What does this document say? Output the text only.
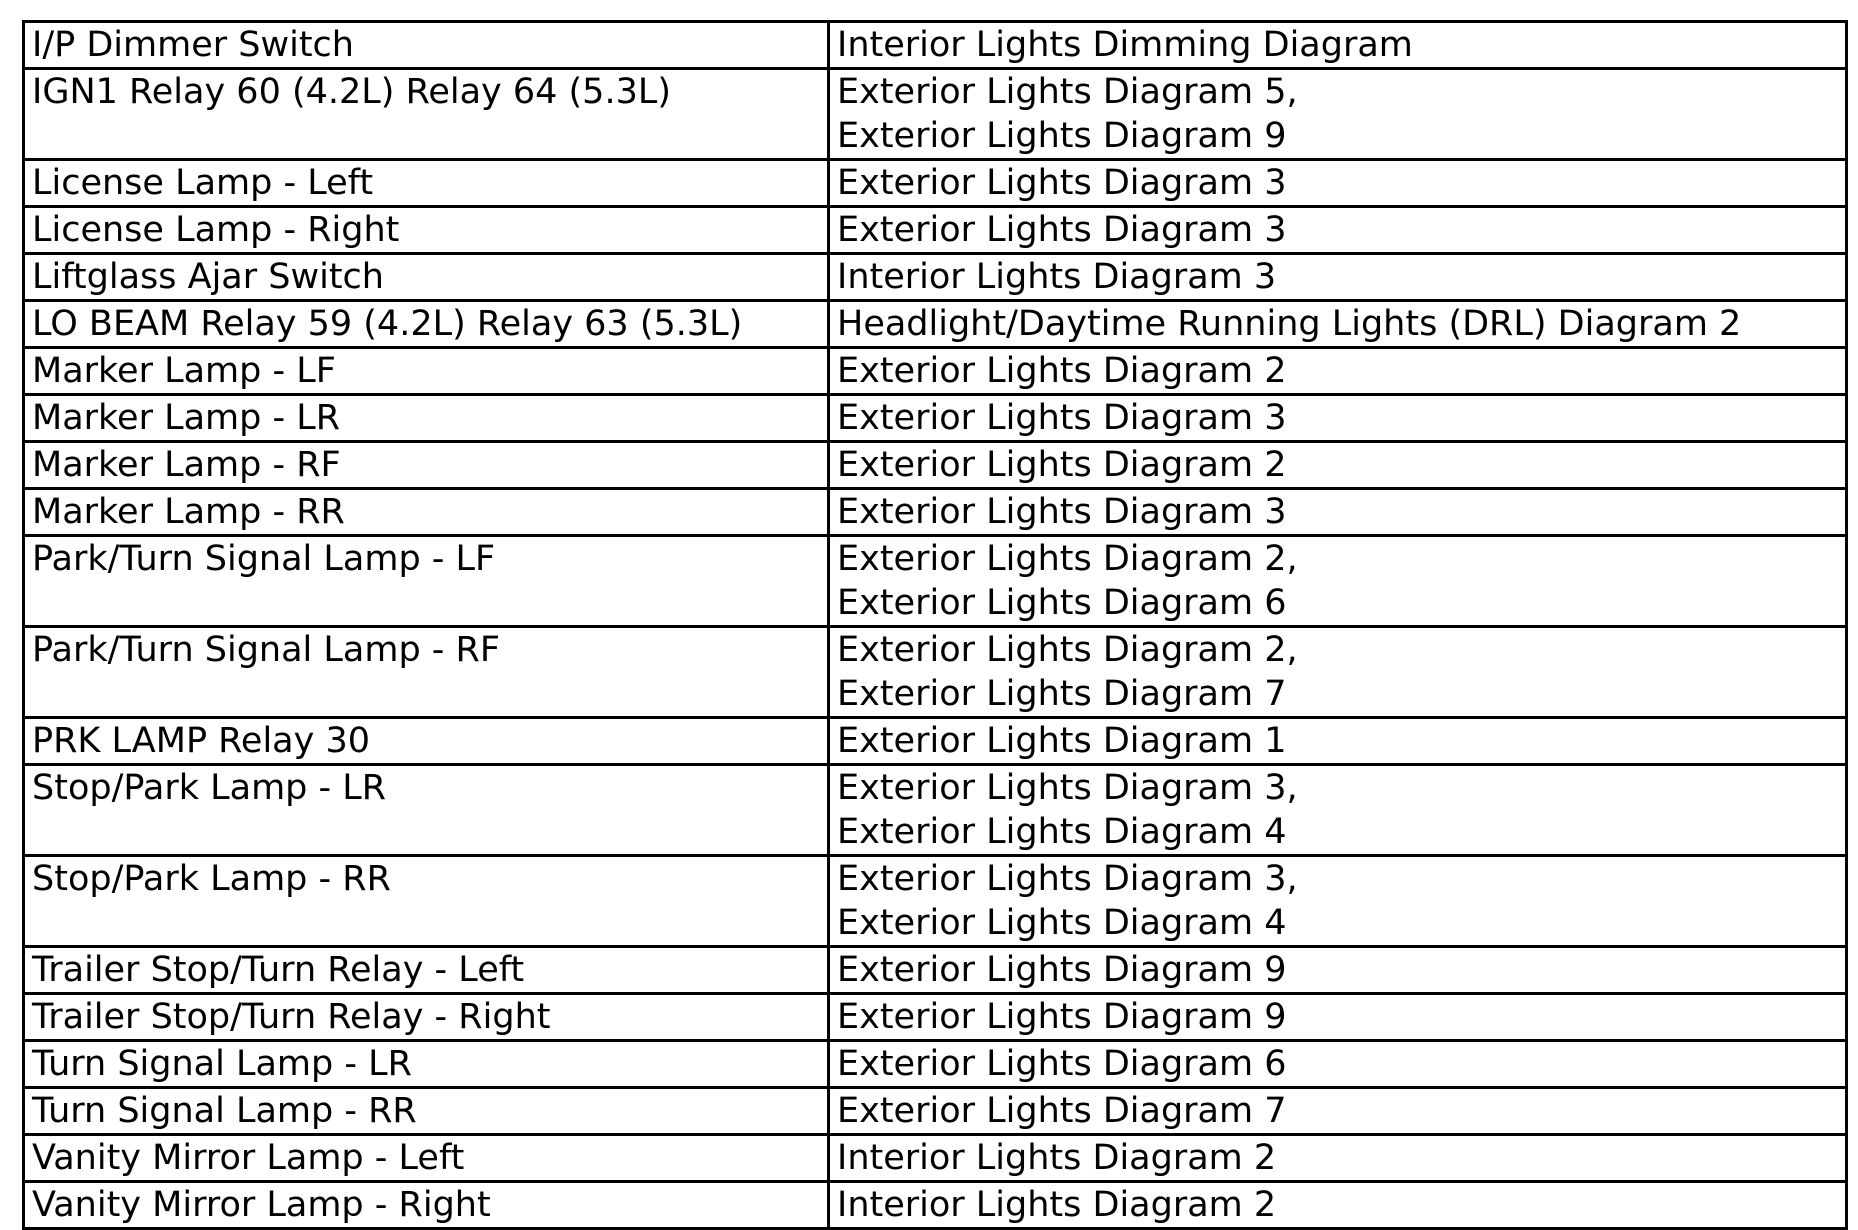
I/P Dimmer Switch	Interior Lights Dimming Diagram

IGN1 Relay 60 (4.2L) Relay 64 (5.3L)	Exterior Lights Diagram 5,
Exterior Lights Diagram 9

License Lamp - Left	Exterior Lights Diagram 3

License Lamp - Right	Exterior Lights Diagram 3

Liftglass Ajar Switch	Interior Lights Diagram 3

LO BEAM Relay 59 (4.2L) Relay 63 (5.3L)	Headlight/Daytime Running Lights (DRL) Diagram 2

Marker Lamp - LF	Exterior Lights Diagram 2

Marker Lamp - LR	Exterior Lights Diagram 3

Marker Lamp - RF	Exterior Lights Diagram 2

Marker Lamp - RR	Exterior Lights Diagram 3

Park/Turn Signal Lamp - LF	Exterior Lights Diagram 2,
Exterior Lights Diagram 6

Park/Turn Signal Lamp - RF	Exterior Lights Diagram 2,
Exterior Lights Diagram 7

PRK LAMP Relay 30	Exterior Lights Diagram 1

Stop/Park Lamp - LR	Exterior Lights Diagram 3,
Exterior Lights Diagram 4

Stop/Park Lamp - RR	Exterior Lights Diagram 3,
Exterior Lights Diagram 4

Trailer Stop/Turn Relay - Left	Exterior Lights Diagram 9

Trailer Stop/Turn Relay - Right	Exterior Lights Diagram 9

Turn Signal Lamp - LR	Exterior Lights Diagram 6

Turn Signal Lamp - RR	Exterior Lights Diagram 7

Vanity Mirror Lamp - Left	Interior Lights Diagram 2

Vanity Mirror Lamp - Right	Interior Lights Diagram 2
